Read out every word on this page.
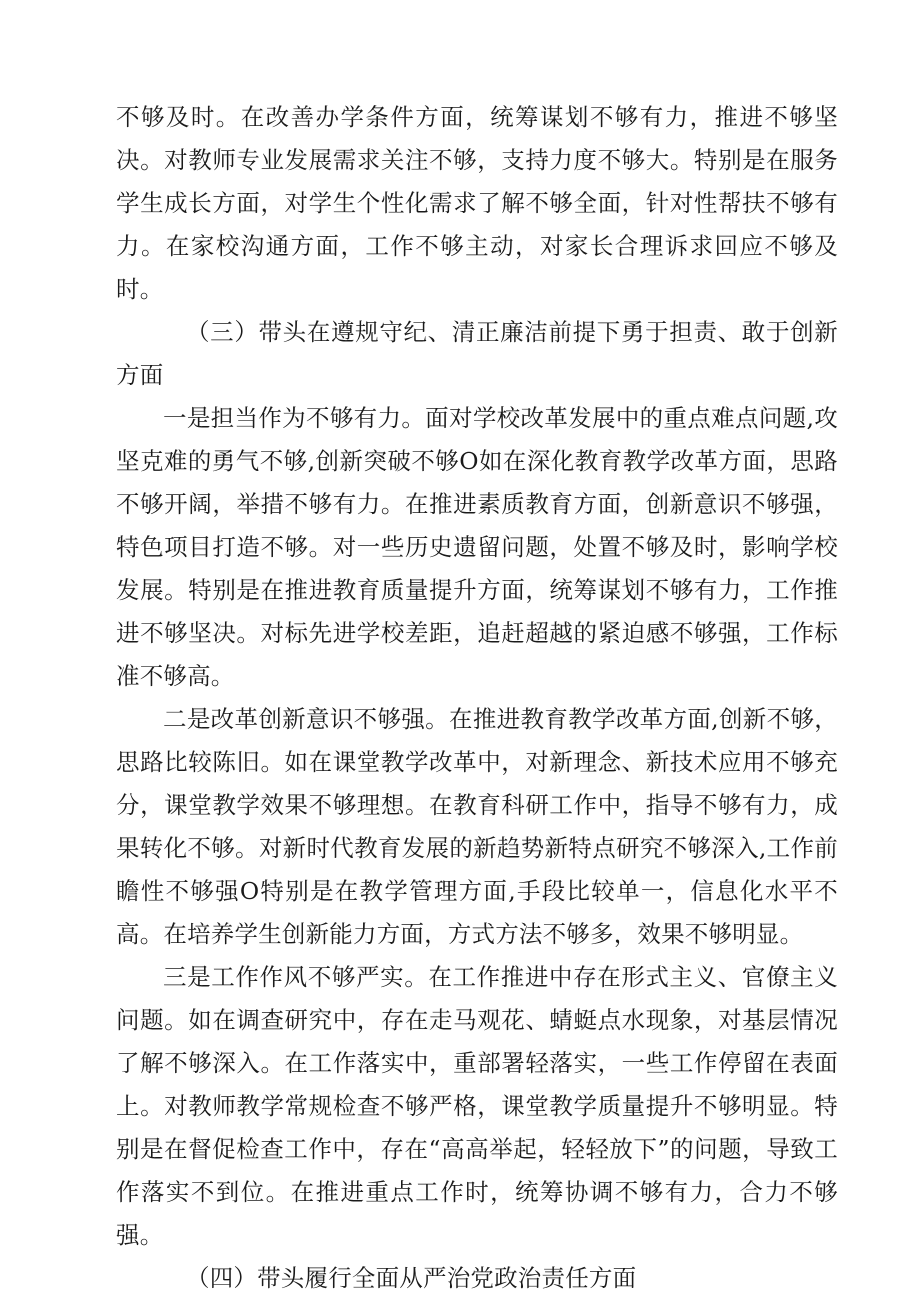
不够及时。在改善办学条件方面，统筹谋划不够有力，推进不够坚决。对教师专业发展需求关注不够，支持力度不够大。特别是在服务学生成长方面，对学生个性化需求了解不够全面，针对性帮扶不够有力。在家校沟通方面，工作不够主动，对家长合理诉求回应不够及时。

（三）带头在遵规守纪、清正廉洁前提下勇于担责、敢于创新方面

一是担当作为不够有力。面对学校改革发展中的重点难点问题,攻坚克难的勇气不够,创新突破不够O如在深化教育教学改革方面，思路不够开阔，举措不够有力。在推进素质教育方面，创新意识不够强，特色项目打造不够。对一些历史遗留问题，处置不够及时，影响学校发展。特别是在推进教育质量提升方面，统筹谋划不够有力，工作推进不够坚决。对标先进学校差距，追赶超越的紧迫感不够强，工作标准不够高。

二是改革创新意识不够强。在推进教育教学改革方面,创新不够，思路比较陈旧。如在课堂教学改革中，对新理念、新技术应用不够充分，课堂教学效果不够理想。在教育科研工作中，指导不够有力，成果转化不够。对新时代教育发展的新趋势新特点研究不够深入,工作前瞻性不够强O特别是在教学管理方面,手段比较单一，信息化水平不高。在培养学生创新能力方面，方式方法不够多，效果不够明显。

三是工作作风不够严实。在工作推进中存在形式主义、官僚主义问题。如在调查研究中，存在走马观花、蜻蜓点水现象，对基层情况了解不够深入。在工作落实中，重部署轻落实，一些工作停留在表面上。对教师教学常规检查不够严格，课堂教学质量提升不够明显。特别是在督促检查工作中，存在“高高举起，轻轻放下”的问题，导致工作落实不到位。在推进重点工作时，统筹协调不够有力，合力不够强。

（四）带头履行全面从严治党政治责任方面
